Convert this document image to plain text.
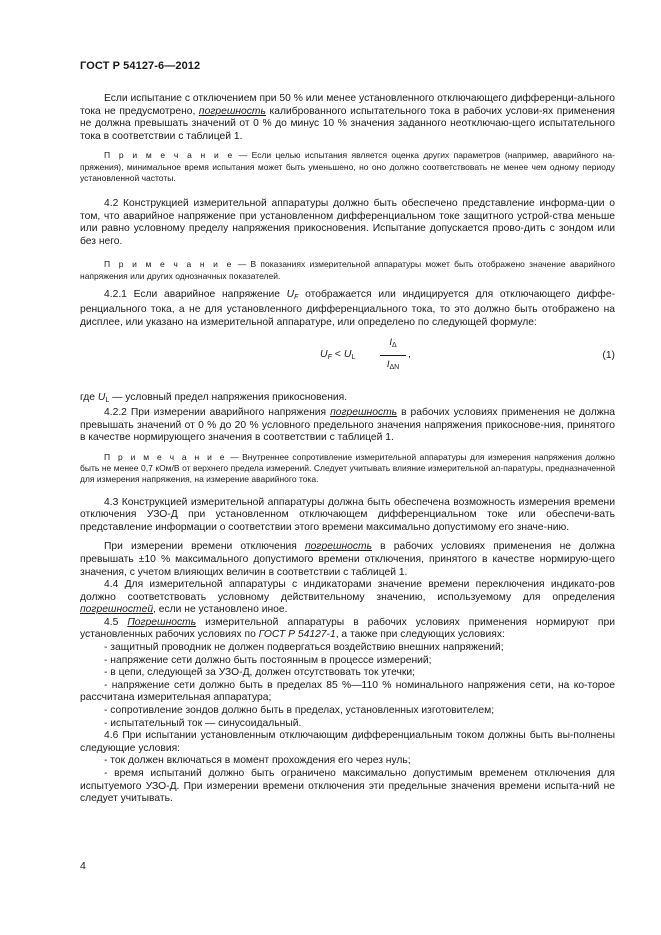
ГОСТ Р 54127-6—2012

Если испытание с отключением при 50 % или менее установленного отключающего дифференци-ального тока не предусмотрено, погрешность калиброванного испытательного тока в рабочих услови-ях применения не должна превышать значений от 0 % до минус 10 % значения заданного неотключаю-щего испытательного тока в соответствии с таблицей 1.

П р и м е ч а н и е — Если целью испытания является оценка других параметров (например, аварийного на-пряжения), минимальное время испытания может быть уменьшено, но оно должно соответствовать не менее чем одному периоду установленной частоты.

4.2 Конструкцией измерительной аппаратуры должно быть обеспечено представление информа-ции о том, что аварийное напряжение при установленном дифференциальном токе защитного устрой-ства меньше или равно условному пределу напряжения прикосновения. Испытание допускается прово-дить с зондом или без него.

П р и м е ч а н и е — В показаниях измерительной аппаратуры может быть отображено значение аварийного напряжения или других однозначных показателей.

4.2.1 Если аварийное напряжение $U_F$ отображается или индицируется для отключающего диффе-ренциального тока, а не для установленного дифференциального тока, то это должно быть отображено на дисплее, или указано на измерительной аппаратуре, или определено по следующей формуле:

$U_F < U_L$
$I_\Delta$
$I_{\Delta N}$
,	(1)

где $U_L$ — условный предел напряжения прикосновения.

4.2.2 При измерении аварийного напряжения погрешность в рабочих условиях применения не должна превышать значений от 0 % до 20 % условного предельного значения напряжения прикоснове-ния, принятого в качестве нормирующего значения в соответствии с таблицей 1.

П р и м е ч а н и е — Внутреннее сопротивление измерительной аппаратуры для измерения напряжения должно быть не менее 0,7 кОм/В от верхнего предела измерений. Следует учитывать влияние измерительной ап-паратуры, предназначенной для измерения напряжения, на измерение аварийного тока.

4.3 Конструкцией измерительной аппаратуры должна быть обеспечена возможность измерения времени отключения УЗО-Д при установленном отключающем дифференциальном токе или обеспечи-вать представление информации о соответствии этого времени максимально допустимому его значе-нию.

При измерении времени отключения погрешность в рабочих условиях применения не должна превышать ±10 % максимального допустимого времени отключения, принятого в качестве нормирую-щего значения, с учетом влияющих величин в соответствии с таблицей 1.

4.4 Для измерительной аппаратуры с индикаторами значение времени переключения индикато-ров должно соответствовать условному действительному значению, используемому для определения погрешностей, если не установлено иное.

4.5 Погрешность измерительной аппаратуры в рабочих условиях применения нормируют при установленных рабочих условиях по ГОСТ Р 54127-1, а также при следующих условиях:

- защитный проводник не должен подвергаться воздействию внешних напряжений;

- напряжение сети должно быть постоянным в процессе измерений;

- в цепи, следующей за УЗО-Д, должен отсутствовать ток утечки;

- напряжение сети должно быть в пределах 85 %—110 % номинального напряжения сети, на ко-торое рассчитана измерительная аппаратура;

- сопротивление зондов должно быть в пределах, установленных изготовителем;

- испытательный ток — синусоидальный.

4.6 При испытании установленным отключающим дифференциальным током должны быть вы-полнены следующие условия:

- ток должен включаться в момент прохождения его через нуль;

- время испытаний должно быть ограничено максимально допустимым временем отключения для испытуемого УЗО-Д. При измерении времени отключения эти предельные значения времени испыта-ний не следует учитывать.

4
